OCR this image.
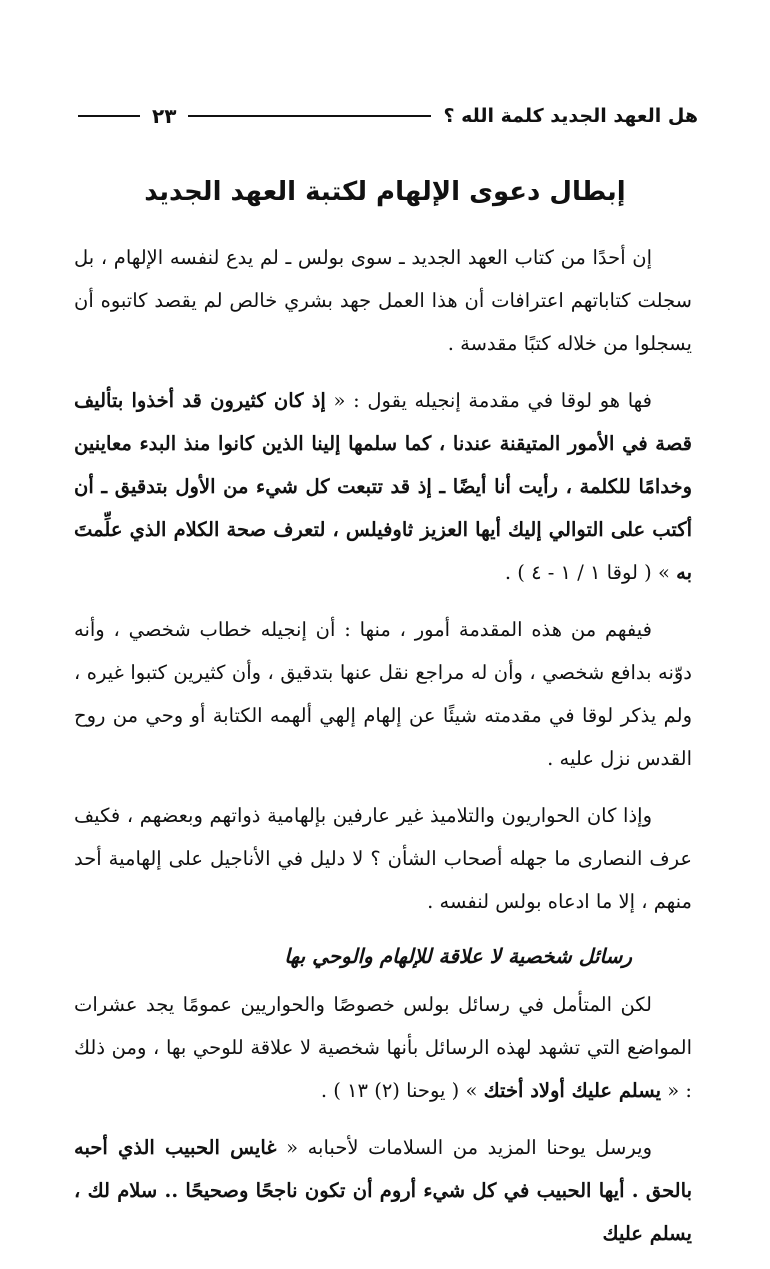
هل العهد الجديد كلمة الله ؟
٢٣
إبطال دعوى الإلهام لكتبة العهد الجديد

إن أحدًا من كتاب العهد الجديد ـ سوى بولس ـ لم يدع لنفسه الإلهام ، بل سجلت كتاباتهم اعترافات أن هذا العمل جهد بشري خالص لم يقصد كاتبوه أن يسجلوا من خلاله كتبًا مقدسة .

فها هو لوقا في مقدمة إنجيله يقول : « إذ كان كثيرون قد أخذوا بتأليف قصة في الأمور المتيقنة عندنا ، كما سلمها إلينا الذين كانوا منذ البدء معاينين وخدامًا للكلمة ، رأيت أنا أيضًا ـ إذ قد تتبعت كل شيء من الأول بتدقيق ـ أن أكتب على التوالي إليك أيها العزيز ثاوفيلس ، لتعرف صحة الكلام الذي علِّمتَ به » ( لوقا ١ / ١ - ٤ ) .

فيفهم من هذه المقدمة أمور ، منها : أن إنجيله خطاب شخصي ، وأنه دوّنه بدافع شخصي ، وأن له مراجع نقل عنها بتدقيق ، وأن كثيرين كتبوا غيره ، ولم يذكر لوقا في مقدمته شيئًا عن إلهام إلهي ألهمه الكتابة أو وحي من روح القدس نزل عليه .

وإذا كان الحواريون والتلاميذ غير عارفين بإلهامية ذواتهم وبعضهم ، فكيف عرف النصارى ما جهله أصحاب الشأن ؟ لا دليل في الأناجيل على إلهامية أحد منهم ، إلا ما ادعاه بولس لنفسه .

رسائل شخصية لا علاقة للإلهام والوحي بها

لكن المتأمل في رسائل بولس خصوصًا والحواريين عمومًا يجد عشرات المواضع التي تشهد لهذه الرسائل بأنها شخصية لا علاقة للوحي بها ، ومن ذلك : « يسلم عليك أولاد أختك » ( يوحنا (٢) ١٣ ) .

ويرسل يوحنا المزيد من السلامات لأحبابه « غايس الحبيب الذي أحبه بالحق . أيها الحبيب في كل شيء أروم أن تكون ناجحًا وصحيحًا .. سلام لك ، يسلم عليك
